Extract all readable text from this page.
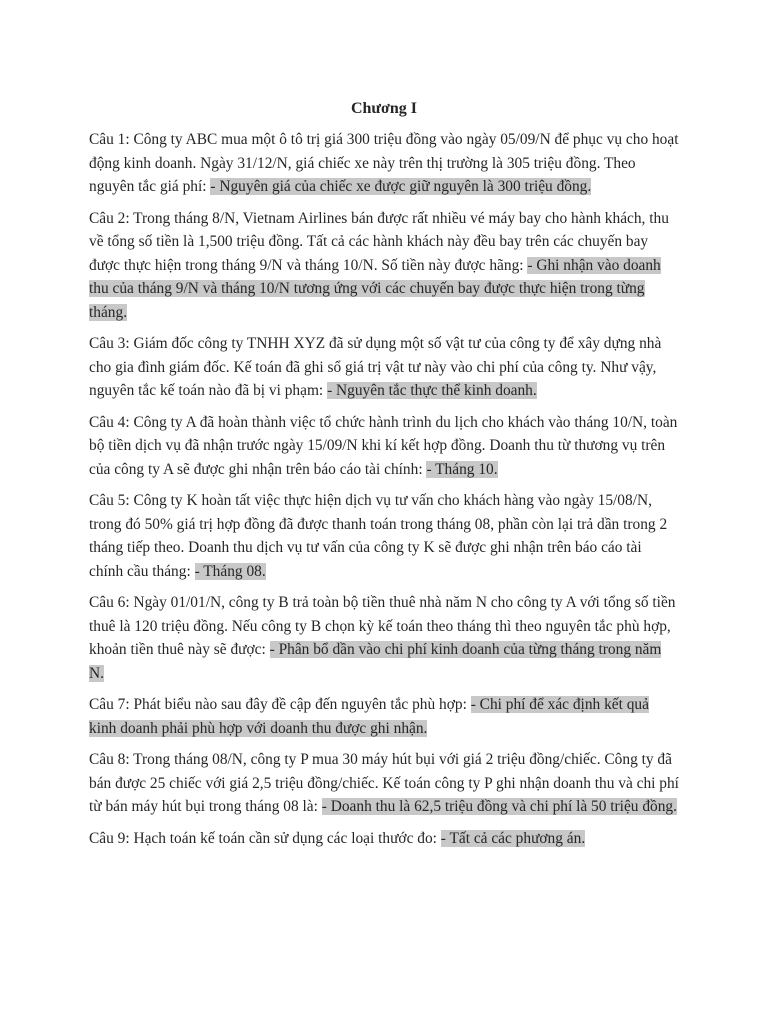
Chương I

Câu 1: Công ty ABC mua một ô tô trị giá 300 triệu đồng vào ngày 05/09/N để phục vụ cho hoạt động kinh doanh. Ngày 31/12/N, giá chiếc xe này trên thị trường là 305 triệu đồng. Theo nguyên tắc giá phí: - Nguyên giá của chiếc xe được giữ nguyên là 300 triệu đồng.

Câu 2: Trong tháng 8/N, Vietnam Airlines bán được rất nhiều vé máy bay cho hành khách, thu về tổng số tiền là 1,500 triệu đồng. Tất cả các hành khách này đều bay trên các chuyến bay được thực hiện trong tháng 9/N và tháng 10/N. Số tiền này được hãng: - Ghi nhận vào doanh thu của tháng 9/N và tháng 10/N tương ứng với các chuyến bay được thực hiện trong từng tháng.

Câu 3: Giám đốc công ty TNHH XYZ đã sử dụng một số vật tư của công ty để xây dựng nhà cho gia đình giám đốc. Kế toán đã ghi sổ giá trị vật tư này vào chi phí của công ty. Như vậy, nguyên tắc kế toán nào đã bị vi phạm: - Nguyên tắc thực thể kinh doanh.

Câu 4: Công ty A đã hoàn thành việc tổ chức hành trình du lịch cho khách vào tháng 10/N, toàn bộ tiền dịch vụ đã nhận trước ngày 15/09/N khi kí kết hợp đồng. Doanh thu từ thương vụ trên của công ty A sẽ được ghi nhận trên báo cáo tài chính: - Tháng 10.

Câu 5: Công ty K hoàn tất việc thực hiện dịch vụ tư vấn cho khách hàng vào ngày 15/08/N, trong đó 50% giá trị hợp đồng đã được thanh toán trong tháng 08, phần còn lại trả dần trong 2 tháng tiếp theo. Doanh thu dịch vụ tư vấn của công ty K sẽ được ghi nhận trên báo cáo tài chính cầu tháng: - Tháng 08.

Câu 6: Ngày 01/01/N, công ty B trả toàn bộ tiền thuê nhà năm N cho công ty A với tổng số tiền thuê là 120 triệu đồng. Nếu công ty B chọn kỳ kế toán theo tháng thì theo nguyên tắc phù hợp, khoản tiền thuê này sẽ được: - Phân bổ dần vào chi phí kinh doanh của từng tháng trong năm N.

Câu 7: Phát biểu nào sau đây đề cập đến nguyên tắc phù hợp: - Chi phí để xác định kết quả kinh doanh phải phù hợp với doanh thu được ghi nhận.

Câu 8: Trong tháng 08/N, công ty P mua 30 máy hút bụi với giá 2 triệu đồng/chiếc. Công ty đã bán được 25 chiếc với giá 2,5 triệu đồng/chiếc. Kế toán công ty P ghi nhận doanh thu và chi phí từ bán máy hút bụi trong tháng 08 là: - Doanh thu là 62,5 triệu đồng và chi phí là 50 triệu đồng.

Câu 9: Hạch toán kế toán cần sử dụng các loại thước đo: - Tất cả các phương án.
